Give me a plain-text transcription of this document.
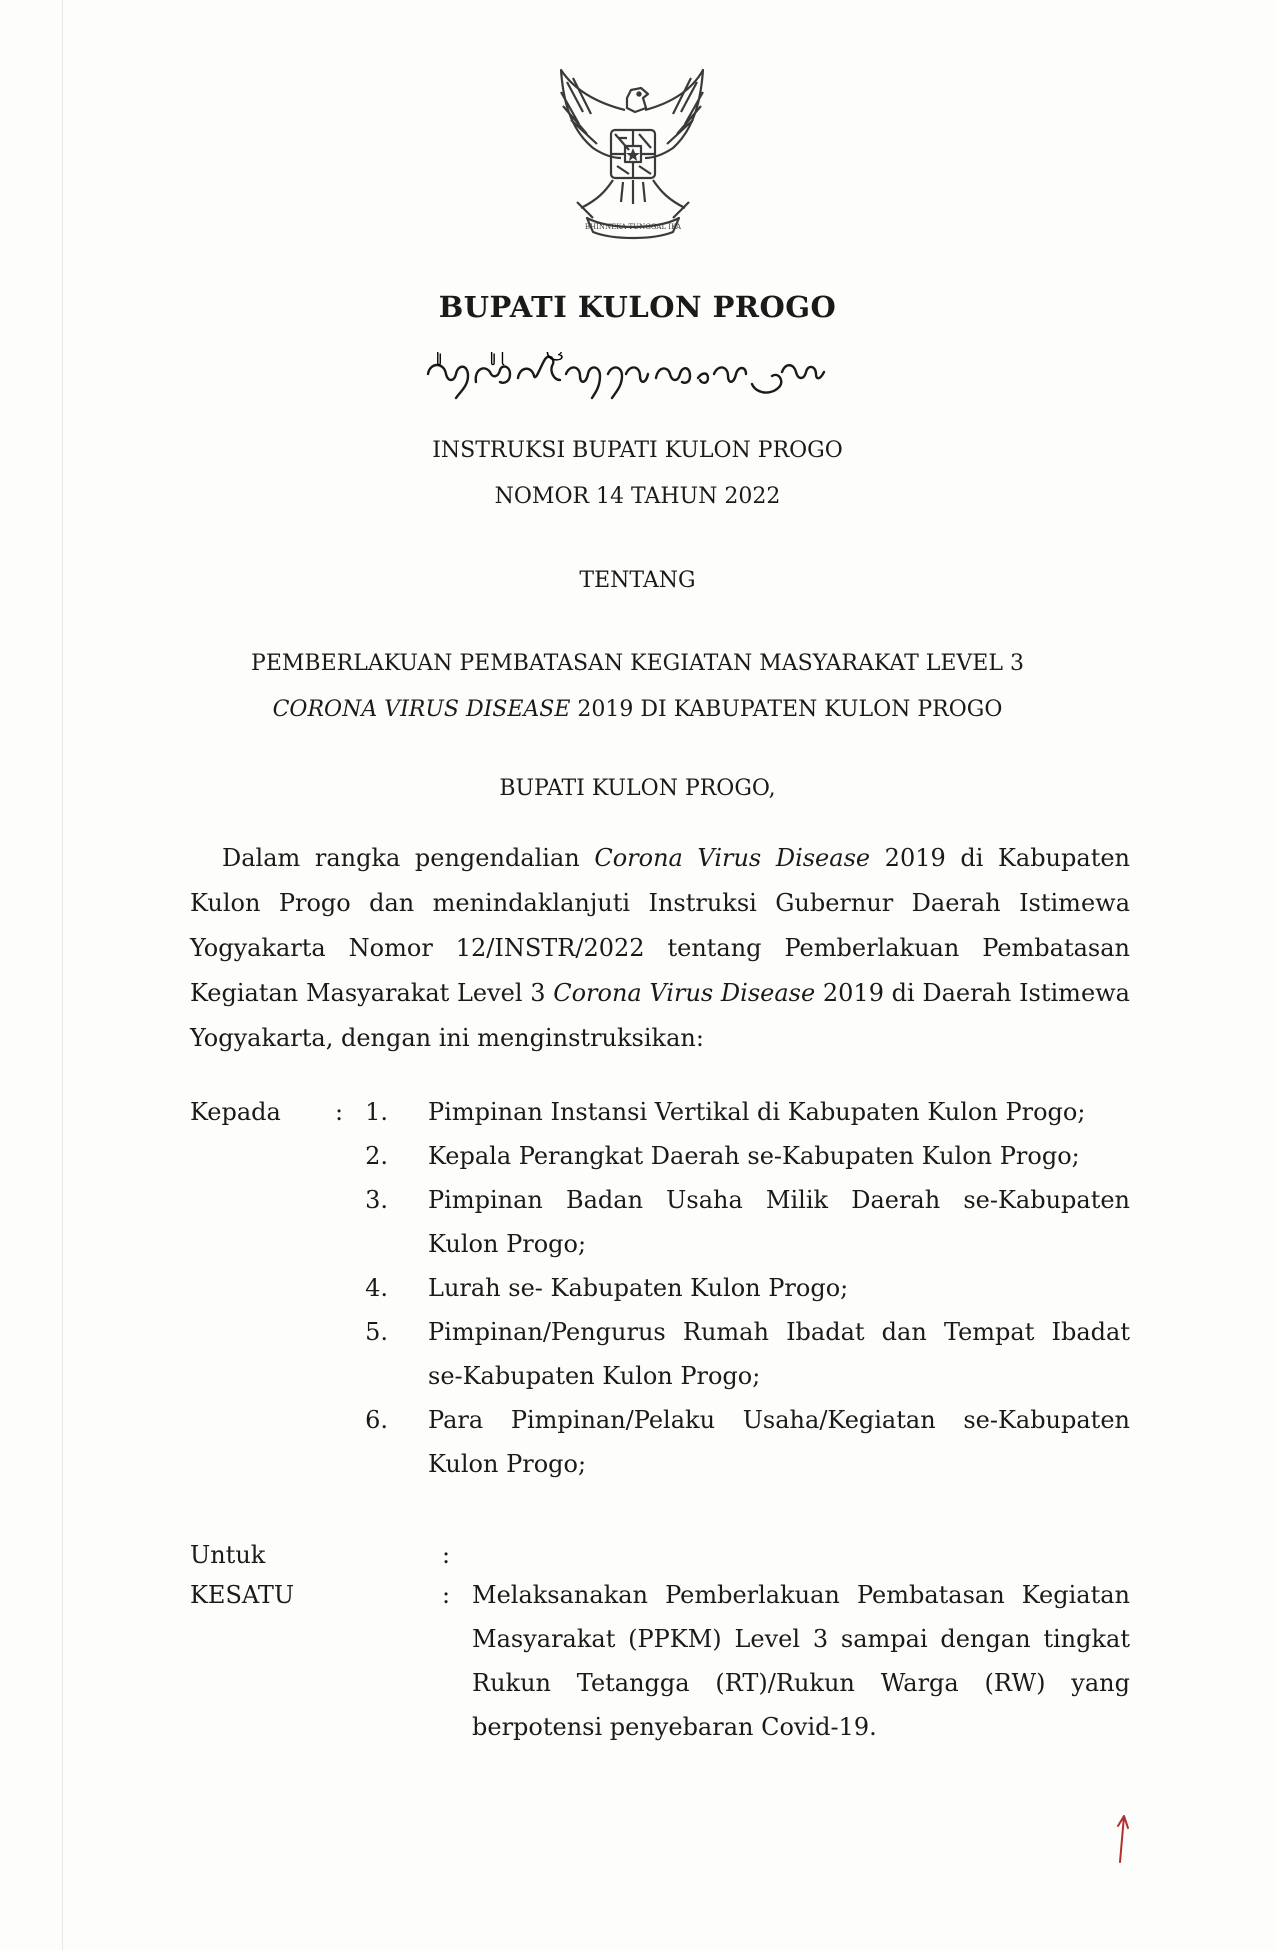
BHINNEKA TUNGGAL IKA
BUPATI KULON PROGO
INSTRUKSI BUPATI KULON PROGO
NOMOR 14 TAHUN 2022
TENTANG
PEMBERLAKUAN PEMBATASAN KEGIATAN MASYARAKAT LEVEL 3
CORONA VIRUS DISEASE 2019 DI KABUPATEN KULON PROGO
BUPATI KULON PROGO,
Dalam rangka pengendalian Corona Virus Disease 2019 di Kabupaten
Kulon Progo dan menindaklanjuti Instruksi Gubernur Daerah Istimewa
Yogyakarta Nomor 12/INSTR/2022 tentang Pemberlakuan Pembatasan
Kegiatan Masyarakat Level 3 Corona Virus Disease 2019 di Daerah Istimewa
Yogyakarta, dengan ini menginstruksikan:
Kepada : 1. Pimpinan Instansi Vertikal di Kabupaten Kulon Progo;
2. Kepala Perangkat Daerah se-Kabupaten Kulon Progo;
3. Pimpinan Badan Usaha Milik Daerah se-Kabupaten
Kulon Progo;
4. Lurah se- Kabupaten Kulon Progo;
5. Pimpinan/Pengurus Rumah Ibadat dan Tempat Ibadat
se-Kabupaten Kulon Progo;
6. Para Pimpinan/Pelaku Usaha/Kegiatan se-Kabupaten
Kulon Progo;
Untuk	:
KESATU	: Melaksanakan Pemberlakuan Pembatasan Kegiatan
Masyarakat (PPKM) Level 3 sampai dengan tingkat
Rukun Tetangga (RT)/Rukun Warga (RW) yang
berpotensi penyebaran Covid-19.
